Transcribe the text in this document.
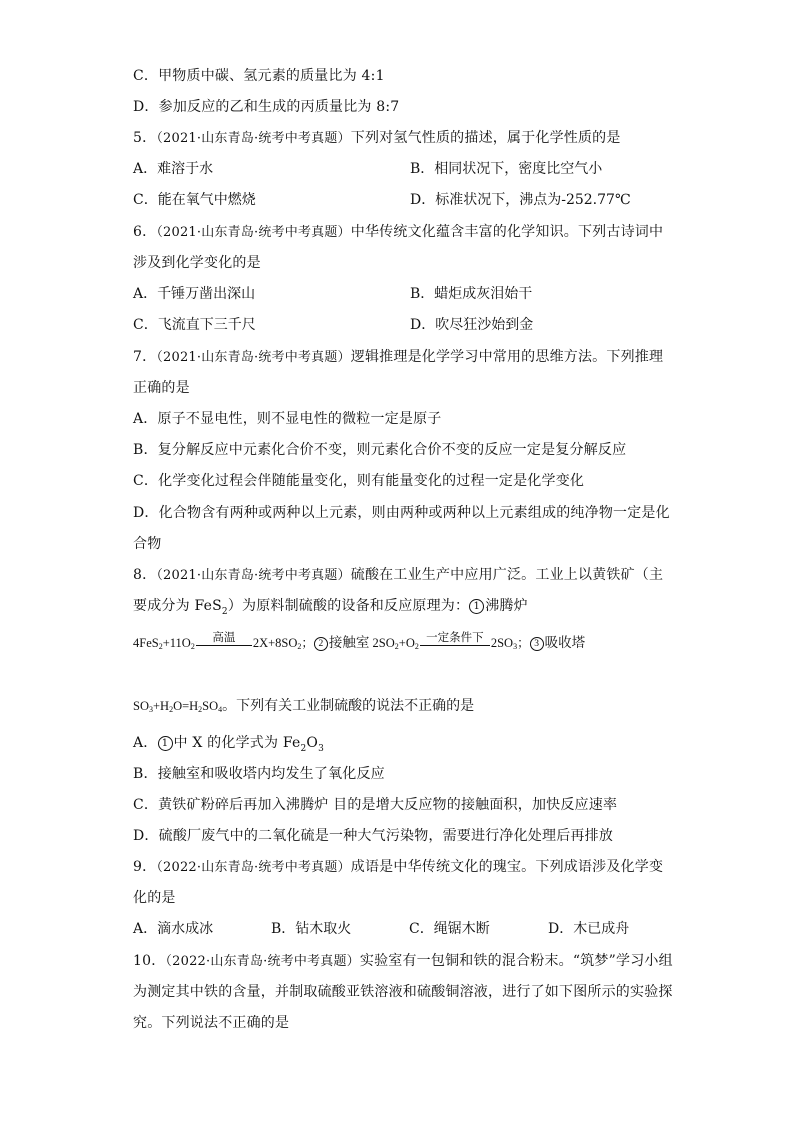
C．甲物质中碳、氢元素的质量比为 4:1
D．参加反应的乙和生成的丙质量比为 8:7
5．（2021·山东青岛·统考中考真题）下列对氢气性质的描述，属于化学性质的是
A．难溶于水	B．相同状况下，密度比空气小
C．能在氧气中燃烧	D．标准状况下，沸点为-252.77℃
6．（2021·山东青岛·统考中考真题）中华传统文化蕴含丰富的化学知识。下列古诗词中
涉及到化学变化的是
A．千锤万凿出深山	B．蜡炬成灰泪始干
C．飞流直下三千尺	D．吹尽狂沙始到金
7．（2021·山东青岛·统考中考真题）逻辑推理是化学学习中常用的思维方法。下列推理
正确的是
A．原子不显电性，则不显电性的微粒一定是原子
B．复分解反应中元素化合价不变，则元素化合价不变的反应一定是复分解反应
C．化学变化过程会伴随能量变化，则有能量变化的过程一定是化学变化
D．化合物含有两种或两种以上元素，则由两种或两种以上元素组成的纯净物一定是化
合物
8．（2021·山东青岛·统考中考真题）硫酸在工业生产中应用广泛。工业上以黄铁矿（主
要成分为 FeS$_2$）为原料制硫酸的设备和反应原理为： 1 沸腾炉
$4FeS_2+11O_2$
高温	$2X+8SO_2$； 2 接触室 $2SO_2+O_2$
一定条件下 $2SO_3$； 3 吸收塔
$SO_3+H_2O=H_2SO_4$。下列有关工业制硫酸的说法不正确的是
A． 1 中 X 的化学式为 $Fe_2O_3$
B．接触室和吸收塔内均发生了氧化反应
C．黄铁矿粉碎后再加入沸腾炉 目的是增大反应物的接触面积，加快反应速率
D．硫酸厂废气中的二氧化硫是一种大气污染物，需要进行净化处理后再排放
9．（2022·山东青岛·统考中考真题）成语是中华传统文化的瑰宝。下列成语涉及化学变
化的是
A．滴水成冰	B．钻木取火	C．绳锯木断	D．木已成舟
10．（2022·山东青岛·统考中考真题）实验室有一包铜和铁的混合粉末。“筑梦”学习小组
为测定其中铁的含量，并制取硫酸亚铁溶液和硫酸铜溶液，进行了如下图所示的实验探
究。下列说法不正确的是
